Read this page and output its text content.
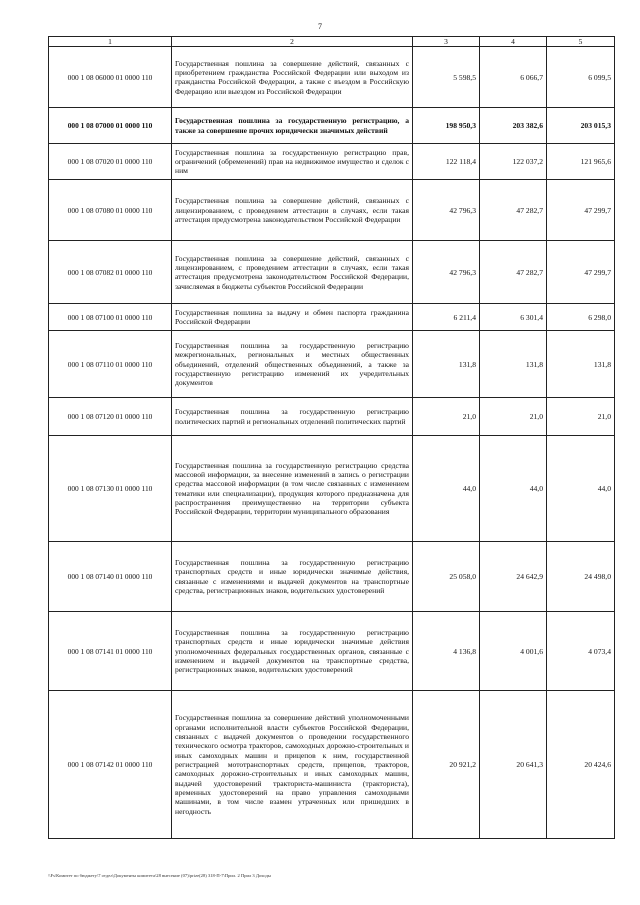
7
1	2	3	4	5
000 1 08 06000 01 0000 110	Государственная пошлина за совершение действий, связанных с приобретением гражданства Российской Федерации или выходом из гражданства Российской Федерации, а также с въездом в Российскую Федерацию или выездом из Российской Федерации	5 598,5	6 066,7	6 099,5
000 1 08 07000 01 0000 110	Государственная пошлина за государственную регистрацию, а также за совершение прочих юридически значимых действий	198 950,3	203 382,6	203 015,3
000 1 08 07020 01 0000 110	Государственная пошлина за государственную регистрацию прав, ограничений (обременений) прав на недвижимое имущество и сделок с ним	122 118,4	122 037,2	121 965,6
000 1 08 07080 01 0000 110	Государственная пошлина за совершение действий, связанных с лицензированием, с проведением аттестации в случаях, если такая аттестация предусмотрена законодательством Российской Федерации	42 796,3	47 282,7	47 299,7
000 1 08 07082 01 0000 110	Государственная пошлина за совершение действий, связанных с лицензированием, с проведением аттестации в случаях, если такая аттестация предусмотрена законодательством Российской Федерации, зачисляемая в бюджеты субъектов Российской Федерации	42 796,3	47 282,7	47 299,7
000 1 08 07100 01 0000 110	Государственная пошлина за выдачу и обмен паспорта гражданина Российской Федерации	6 211,4	6 301,4	6 298,0
000 1 08 07110 01 0000 110	Государственная пошлина за государственную регистрацию межрегиональных, региональных и местных общественных объединений, отделений общественных объединений, а также за государственную регистрацию изменений их учредительных документов	131,8	131,8	131,8
000 1 08 07120 01 0000 110	Государственная пошлина за государственную регистрацию политических партий и региональных отделений политических партий	21,0	21,0	21,0
000 1 08 07130 01 0000 110	Государственная пошлина за государственную регистрацию средства массовой информации, за внесение изменений в запись о регистрации средства массовой информации (в том числе связанных с изменением тематики или специализации), продукция которого предназначена для распространения преимущественно на территории субъекта Российской Федерации, территории муниципального образования	44,0	44,0	44,0
000 1 08 07140 01 0000 110	Государственная пошлина за государственную регистрацию транспортных средств и иные юридически значимые действия, связанные с изменениями и выдачей документов на транспортные средства, регистрационных знаков, водительских удостоверений	25 058,0	24 642,9	24 498,0
000 1 08 07141 01 0000 110	Государственная пошлина за государственную регистрацию транспортных средств и иные юридически значимые действия уполномоченных федеральных государственных органов, связанные с изменением и выдачей документов на транспортные средства, регистрационных знаков, водительских удостоверений	4 136,8	4 001,6	4 073,4
000 1 08 07142 01 0000 110	Государственная пошлина за совершение действий уполномоченными органами исполнительной власти субъектов Российской Федерации, связанных с выдачей документов о проведении государственного технического осмотра тракторов, самоходных дорожно-строительных и иных самоходных машин и прицепов к ним, государственной регистрацией мототранспортных средств, прицепов, тракторов, самоходных дорожно-строительных и иных самоходных машин, выдачей удостоверений тракториста-машиниста (тракториста), временных удостоверений на право управления самоходными машинами, в том числе взамен утраченных или пришедших в негодность	20 921,2	20 641,3	20 424,6
\\Fs\Комитет по бюджету\7 отдел\Документы комитета\28 внесение (07)\prize(28) 318-П-7\Прил. 2 Прил 3 Доходы
